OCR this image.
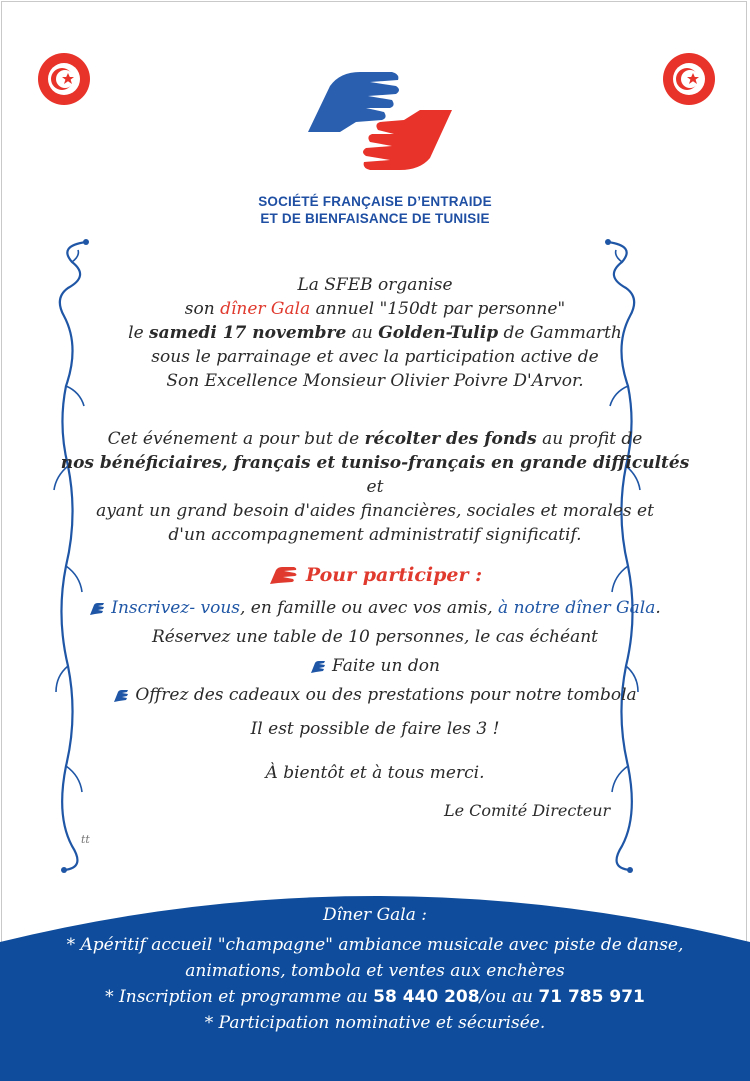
SOCIÉTÉ FRANÇAISE D’ENTRAIDE
ET DE BIENFAISANCE DE TUNISIE
La SFEB organise
son dîner Gala annuel "150dt par personne"
le samedi 17 novembre au Golden-Tulip de Gammarth
sous le parrainage et avec la participation active de
Son Excellence Monsieur Olivier Poivre D'Arvor.
Cet événement a pour but de récolter des fonds au profit de
nos bénéficiaires, français et tuniso-français en grande difficultés et
ayant un grand besoin d'aides financières, sociales et morales et
d'un accompagnement administratif significatif.
Pour participer :
Inscrivez- vous, en famille ou avec vos amis, à notre dîner Gala.
Réservez une table de 10 personnes, le cas échéant
Faite un don
Offrez des cadeaux ou des prestations pour notre tombola
Il est possible de faire les 3 !
À bientôt et à tous merci.
Le Comité Directeur
tt
Dîner Gala :
* Apéritif accueil "champagne" ambiance musicale avec piste de danse,
animations, tombola et ventes aux enchères
* Inscription et programme au 58 440 208/ou au 71 785 971
* Participation nominative et sécurisée.
